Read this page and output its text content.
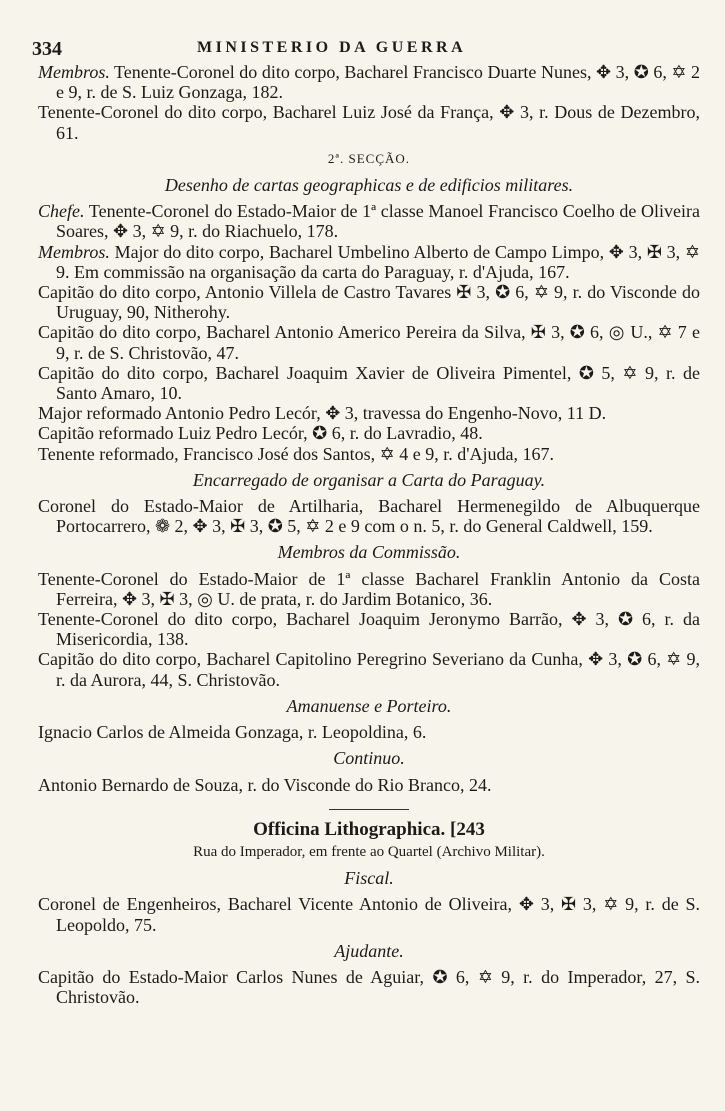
334	MINISTERIO DA GUERRA

Membros. Tenente-Coronel do dito corpo, Bacharel Francisco Duarte Nunes, ✥ 3, ✪ 6, ✡ 2 e 9, r. de S. Luiz Gonzaga, 182.

Tenente-Coronel do dito corpo, Bacharel Luiz José da França, ✥ 3, r. Dous de Dezembro, 61.

2ª. SECÇÃO.
Desenho de cartas geographicas e de edificios militares.

Chefe. Tenente-Coronel do Estado-Maior de 1ª classe Manoel Francisco Coelho de Oliveira Soares, ✥ 3, ✡ 9, r. do Riachuelo, 178.

Membros. Major do dito corpo, Bacharel Umbelino Alberto de Campo Limpo, ✥ 3, ✠ 3, ✡ 9. Em commissão na organisação da carta do Paraguay, r. d'Ajuda, 167.

Capitão do dito corpo, Antonio Villela de Castro Tavares ✠ 3, ✪ 6, ✡ 9, r. do Visconde do Uruguay, 90, Nitherohy.

Capitão do dito corpo, Bacharel Antonio Americo Pereira da Silva, ✠ 3, ✪ 6, ◎ U., ✡ 7 e 9, r. de S. Christovão, 47.

Capitão do dito corpo, Bacharel Joaquim Xavier de Oliveira Pimentel, ✪ 5, ✡ 9, r. de Santo Amaro, 10.

Major reformado Antonio Pedro Lecór, ✥ 3, travessa do Engenho-Novo, 11 D.

Capitão reformado Luiz Pedro Lecór, ✪ 6, r. do Lavradio, 48.

Tenente reformado, Francisco José dos Santos, ✡ 4 e 9, r. d'Ajuda, 167.

Encarregado de organisar a Carta do Paraguay.

Coronel do Estado-Maior de Artilharia, Bacharel Hermenegildo de Albuquerque Portocarrero, ❁ 2, ✥ 3, ✠ 3, ✪ 5, ✡ 2 e 9 com o n. 5, r. do General Caldwell, 159.

Membros da Commissão.

Tenente-Coronel do Estado-Maior de 1ª classe Bacharel Franklin Antonio da Costa Ferreira, ✥ 3, ✠ 3, ◎ U. de prata, r. do Jardim Botanico, 36.

Tenente-Coronel do dito corpo, Bacharel Joaquim Jeronymo Barrão, ✥ 3, ✪ 6, r. da Misericordia, 138.

Capitão do dito corpo, Bacharel Capitolino Peregrino Severiano da Cunha, ✥ 3, ✪ 6, ✡ 9, r. da Aurora, 44, S. Christovão.

Amanuense e Porteiro.

Ignacio Carlos de Almeida Gonzaga, r. Leopoldina, 6.

Continuo.

Antonio Bernardo de Souza, r. do Visconde do Rio Branco, 24.

Officina Lithographica. [243
Rua do Imperador, em frente ao Quartel (Archivo Militar).
Fiscal.

Coronel de Engenheiros, Bacharel Vicente Antonio de Oliveira, ✥ 3, ✠ 3, ✡ 9, r. de S. Leopoldo, 75.

Ajudante.

Capitão do Estado-Maior Carlos Nunes de Aguiar, ✪ 6, ✡ 9, r. do Imperador, 27, S. Christovão.
